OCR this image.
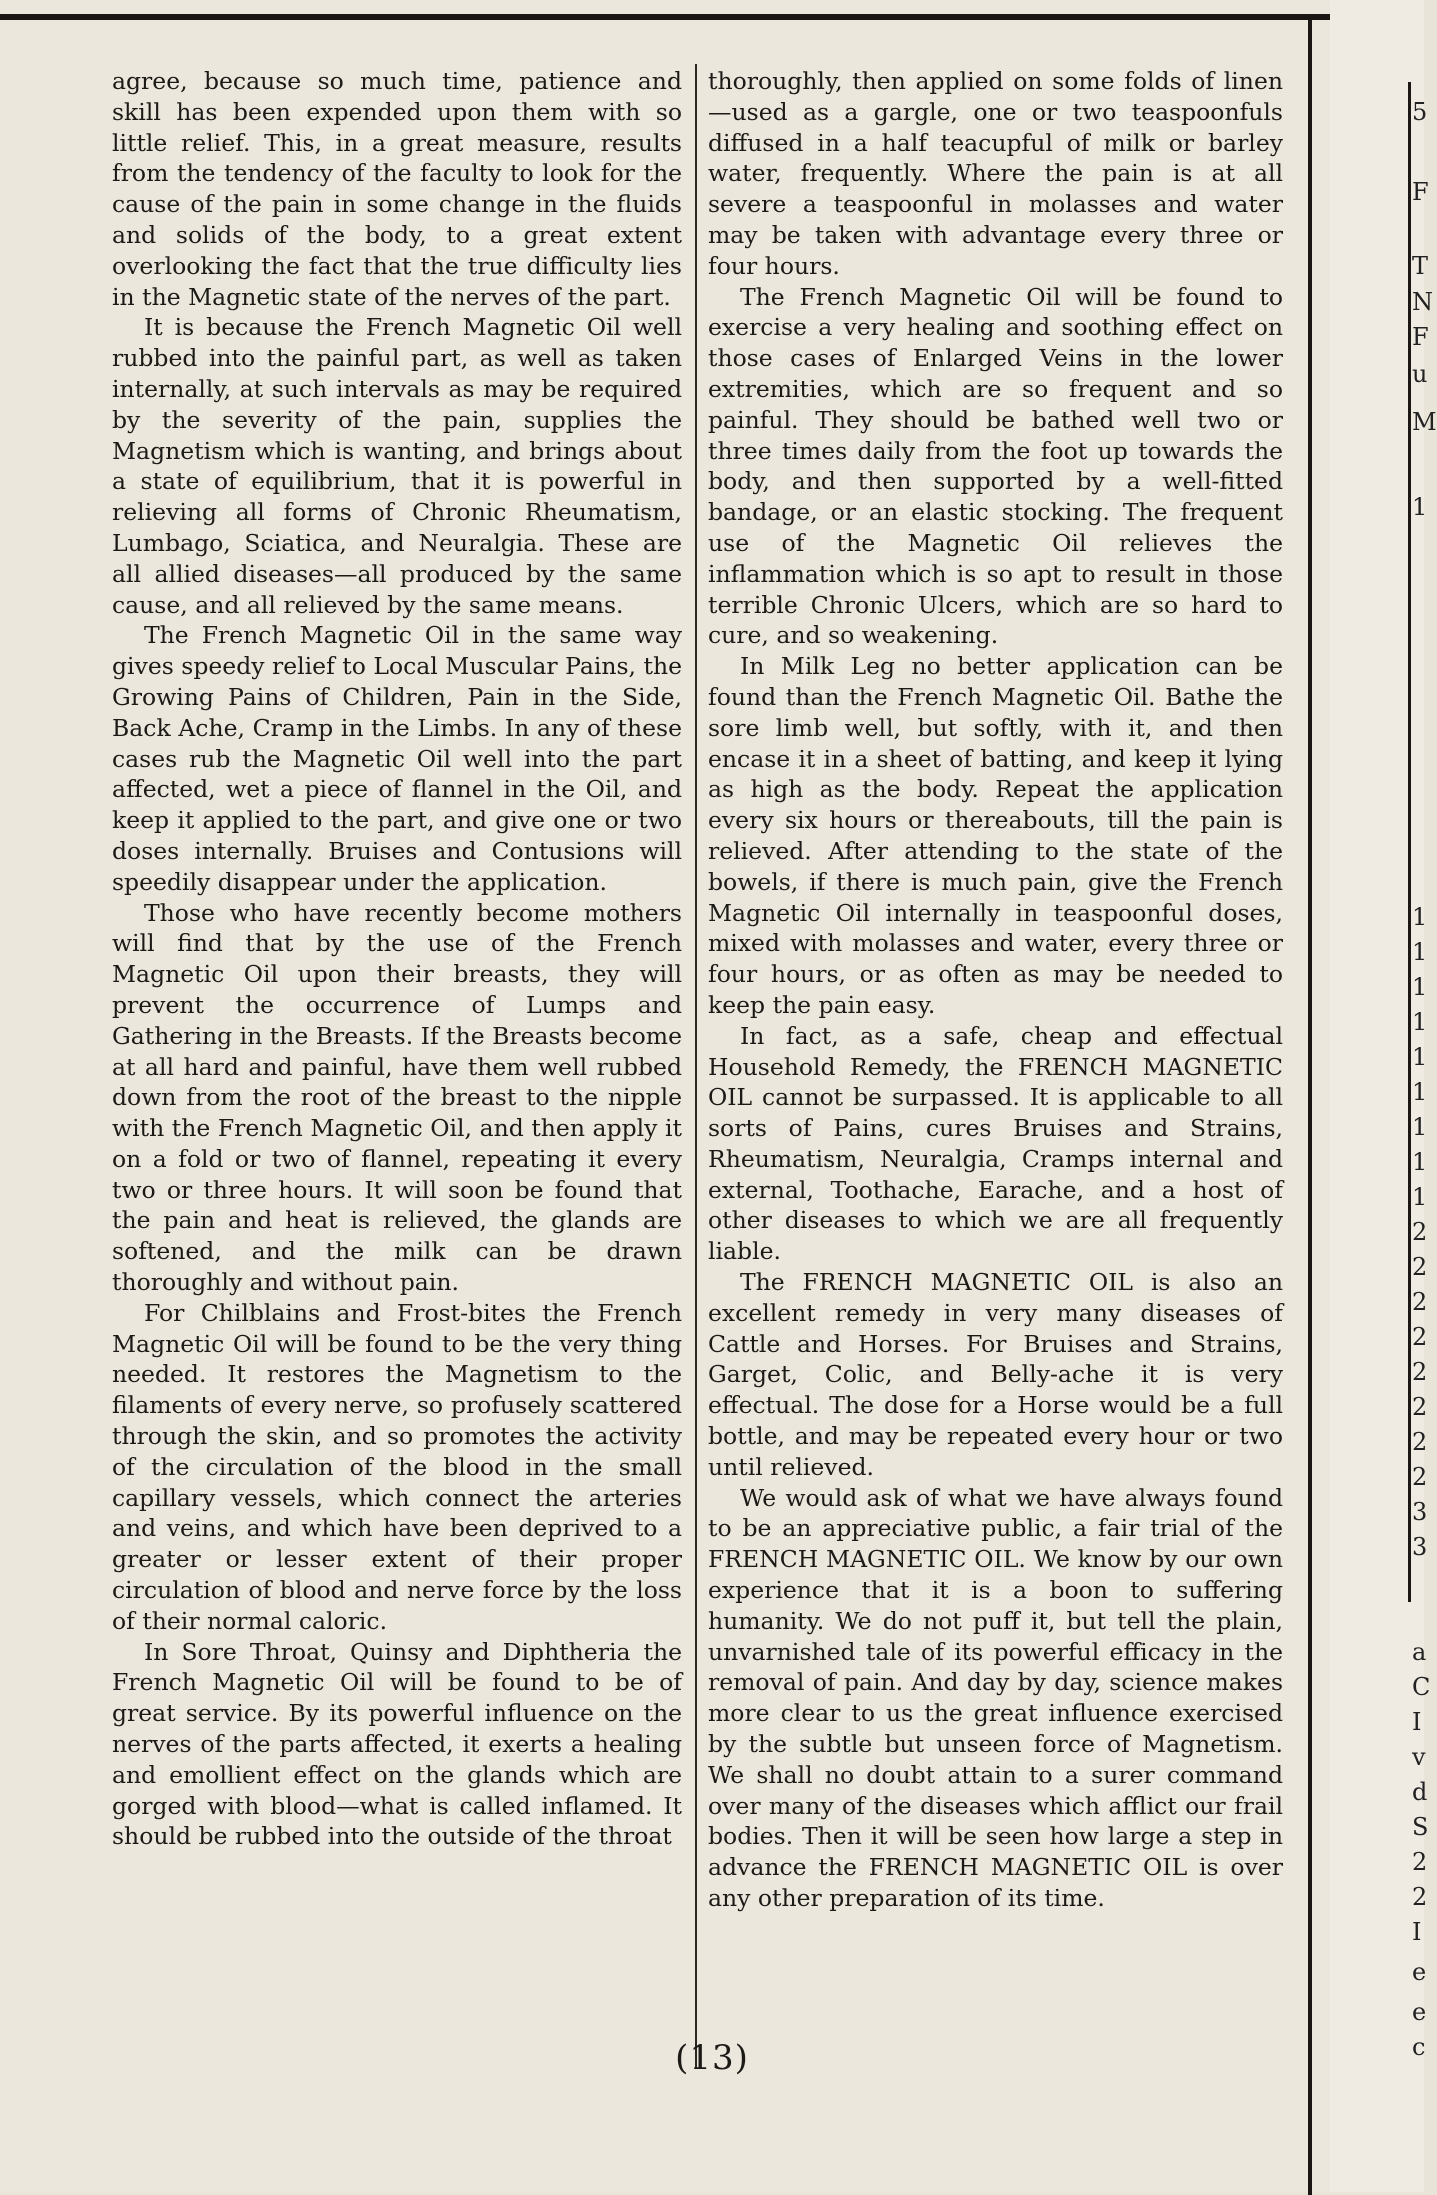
agree, because so much time, patience and skill has been expended upon them with so little relief. This, in a great measure, results from the tendency of the faculty to look for the cause of the pain in some change in the fluids and solids of the body, to a great extent overlooking the fact that the true difficulty lies in the Magnetic state of the nerves of the part.

It is because the French Magnetic Oil well rubbed into the painful part, as well as taken internally, at such intervals as may be required by the severity of the pain, supplies the Magnetism which is wanting, and brings about a state of equilibrium, that it is powerful in relieving all forms of Chronic Rheumatism, Lumbago, Sciatica, and Neuralgia. These are all allied diseases—all produced by the same cause, and all relieved by the same means.

The French Magnetic Oil in the same way gives speedy relief to Local Muscular Pains, the Growing Pains of Children, Pain in the Side, Back Ache, Cramp in the Limbs. In any of these cases rub the Magnetic Oil well into the part affected, wet a piece of flannel in the Oil, and keep it applied to the part, and give one or two doses internally. Bruises and Contusions will speedily disappear under the application.

Those who have recently become mothers will find that by the use of the French Magnetic Oil upon their breasts, they will prevent the occurrence of Lumps and Gathering in the Breasts. If the Breasts become at all hard and painful, have them well rubbed down from the root of the breast to the nipple with the French Magnetic Oil, and then apply it on a fold or two of flannel, repeating it every two or three hours. It will soon be found that the pain and heat is relieved, the glands are softened, and the milk can be drawn thoroughly and without pain.

For Chilblains and Frost-bites the French Magnetic Oil will be found to be the very thing needed. It restores the Magnetism to the filaments of every nerve, so profusely scattered through the skin, and so promotes the activity of the circulation of the blood in the small capillary vessels, which connect the arteries and veins, and which have been deprived to a greater or lesser extent of their proper circulation of blood and nerve force by the loss of their normal caloric.

In Sore Throat, Quinsy and Diphtheria the French Magnetic Oil will be found to be of great service. By its powerful influence on the nerves of the parts affected, it exerts a healing and emollient effect on the glands which are gorged with blood—what is called inflamed. It should be rubbed into the outside of the throat

thoroughly, then applied on some folds of linen—used as a gargle, one or two teaspoonfuls diffused in a half teacupful of milk or barley water, frequently. Where the pain is at all severe a teaspoonful in molasses and water may be taken with advantage every three or four hours.

The French Magnetic Oil will be found to exercise a very healing and soothing effect on those cases of Enlarged Veins in the lower extremities, which are so frequent and so painful. They should be bathed well two or three times daily from the foot up towards the body, and then supported by a well-fitted bandage, or an elastic stocking. The frequent use of the Magnetic Oil relieves the inflammation which is so apt to result in those terrible Chronic Ulcers, which are so hard to cure, and so weakening.

In Milk Leg no better application can be found than the French Magnetic Oil. Bathe the sore limb well, but softly, with it, and then encase it in a sheet of batting, and keep it lying as high as the body. Repeat the application every six hours or thereabouts, till the pain is relieved. After attending to the state of the bowels, if there is much pain, give the French Magnetic Oil internally in teaspoonful doses, mixed with molasses and water, every three or four hours, or as often as may be needed to keep the pain easy.

In fact, as a safe, cheap and effectual Household Remedy, the FRENCH MAGNETIC OIL cannot be surpassed. It is applicable to all sorts of Pains, cures Bruises and Strains, Rheumatism, Neuralgia, Cramps internal and external, Toothache, Earache, and a host of other diseases to which we are all frequently liable.

The FRENCH MAGNETIC OIL is also an excellent remedy in very many diseases of Cattle and Horses. For Bruises and Strains, Garget, Colic, and Belly-ache it is very effectual. The dose for a Horse would be a full bottle, and may be repeated every hour or two until relieved.

We would ask of what we have always found to be an appreciative public, a fair trial of the FRENCH MAGNETIC OIL. We know by our own experience that it is a boon to suffering humanity. We do not puff it, but tell the plain, unvarnished tale of its powerful efficacy in the removal of pain. And day by day, science makes more clear to us the great influence exercised by the subtle but unseen force of Magnetism. We shall no doubt attain to a surer command over many of the diseases which afflict our frail bodies. Then it will be seen how large a step in advance the FRENCH MAGNETIC OIL is over any other preparation of its time.

(13)
5
F
T
N
F
u
M
1
1
1
1
1
1
1
1
1
1
2
2
2
2
2
2
2
2
3
3
a
C
I
v
d
S
2
2
I
e
e
c
